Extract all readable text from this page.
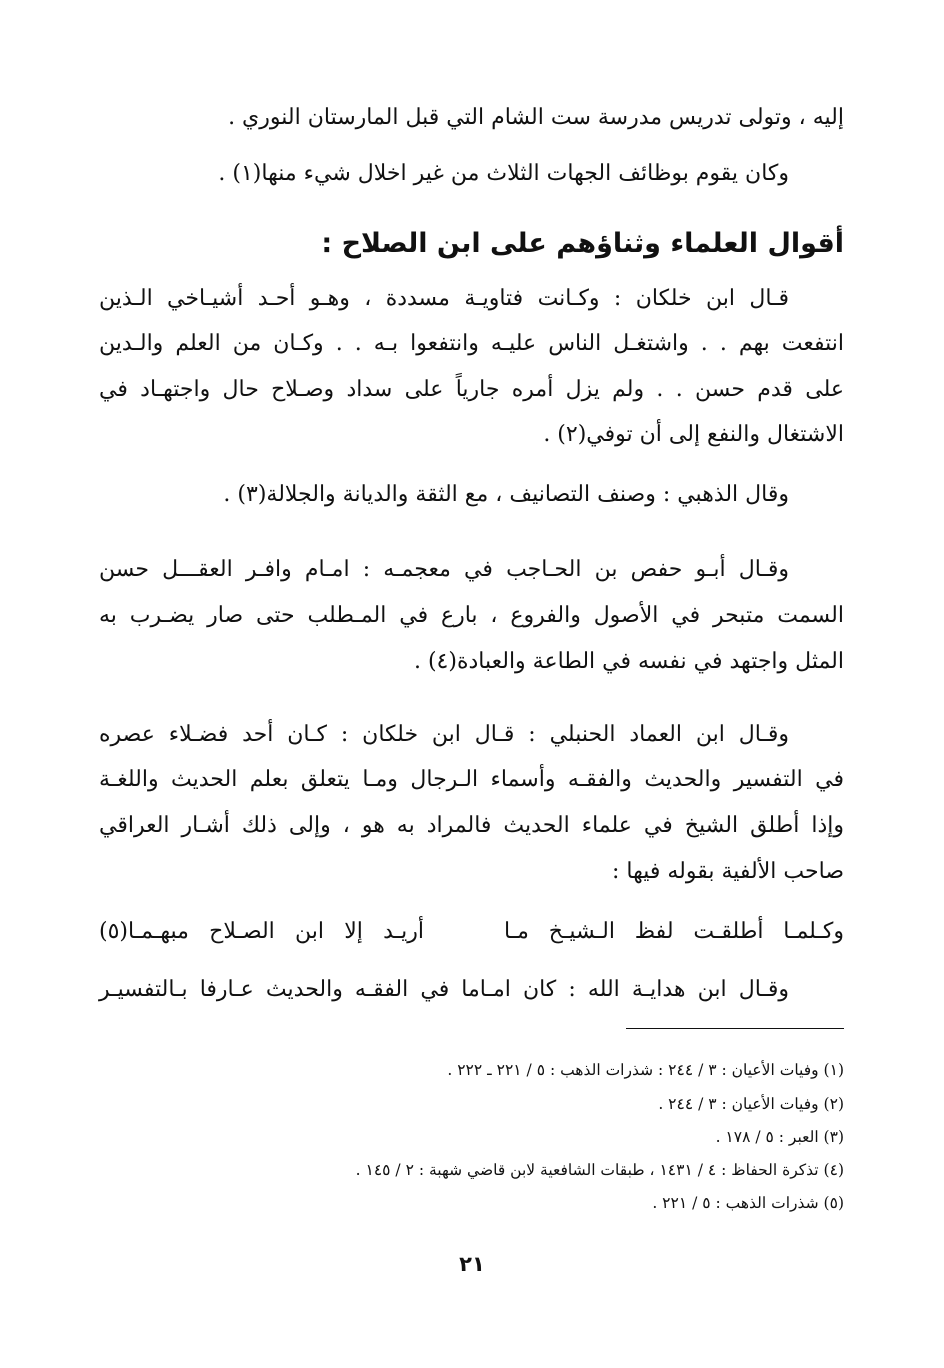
إليه ، وتولى تدريس مدرسة ست الشام التي قبل المارستان النوري .
وكان يقوم بوظائف الجهات الثلاث من غير اخلال شيء منها(١) .
أقوال العلماء وثناؤهم على ابن الصلاح :
قـال ابن خلكان : وكـانت فتاويـة مسددة ، وهـو أحـد أشيـاخي الـذين
انتفعت بهم . . واشتغـل الناس عليـه وانتفعوا بـه . . وكـان من العلم والـدين
على قدم حسن . . ولم يزل أمره جارياً على سداد وصـلاح حال واجتهـاد في
الاشتغال والنفع إلى أن توفي(٢) .
وقال الذهبي : وصنف التصانيف ، مع الثقة والديانة والجلالة(٣) .
وقـال أبـو حفص بن الحـاجب في معجمـه : امـام وافـر العقـــل حسن
السمت متبحر في الأصول والفروع ، بارع في المـطلب حتى صار يضـرب به
المثل واجتهد في نفسه في الطاعة والعبادة(٤) .
وقـال ابن العماد الحنبلي : قـال ابن خلكان : كـان أحد فضـلاء عصره
في التفسير والحديث والفقـه وأسماء الـرجال ومـا يتعلق بعلم الحديث واللغـة
وإذا أطلق الشيخ في علماء الحديث فالمراد به هو ، وإلى ذلك أشـار العراقي
صاحب الألفية بقوله فيها :
وكـلمـا أطلقـت لفظ الـشيـخ مـا
أريـد إلا ابن الصـلاح مبهـمـا(٥)
وقـال ابن هدايـة الله : كان امـاما في الفقـه والحديث عـارفا بـالتفسيـر
(١) وفيات الأعيان : ٣ / ٢٤٤ : شذرات الذهب : ٥ / ٢٢١ ـ ٢٢٢ .
(٢) وفيات الأعيان : ٣ / ٢٤٤ .
(٣) العبر : ٥ / ١٧٨ .
(٤) تذكرة الحفاظ : ٤ / ١٤٣١ ، طبقات الشافعية لابن قاضي شهبة : ٢ / ١٤٥ .
(٥) شذرات الذهب : ٥ / ٢٢١ .
٢١
